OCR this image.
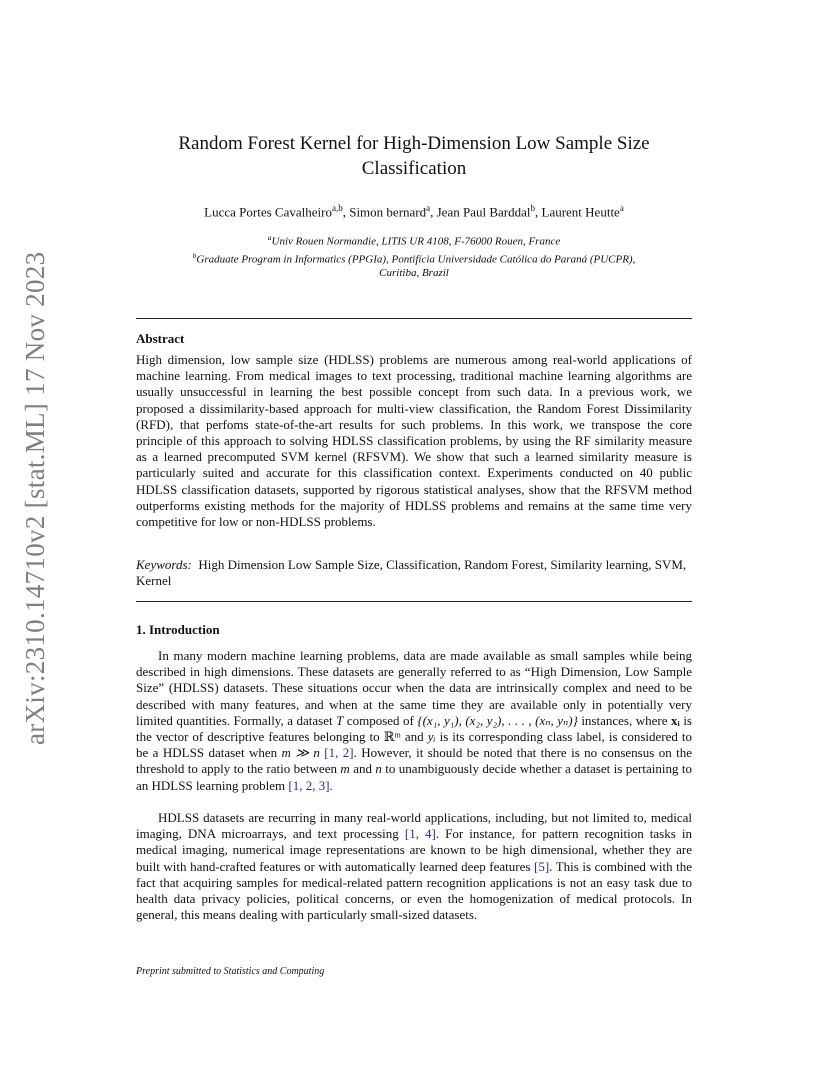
arXiv:2310.14710v2 [stat.ML] 17 Nov 2023
Random Forest Kernel for High-Dimension Low Sample Size
Classification
Lucca Portes Cavalheiro$^{a,b}$, Simon bernard$^a$, Jean Paul Barddal$^b$, Laurent Heutte$^a$
$^a$Univ Rouen Normandie, LITIS UR 4108, F-76000 Rouen, France
$^b$Graduate Program in Informatics (PPGIa), Pontifícia Universidade Católica do Paraná (PUCPR),
Curitiba, Brazil
Abstract
High dimension, low sample size (HDLSS) problems are numerous among real-world applications of machine learning. From medical images to text processing, traditional machine learning algorithms are usually unsuccessful in learning the best possible concept from such data. In a previous work, we proposed a dissimilarity-based approach for multi-view classification, the Random Forest Dissimilarity (RFD), that perfoms state-of-the-art results for such problems. In this work, we transpose the core principle of this approach to solving HDLSS classification problems, by using the RF similarity measure as a learned precomputed SVM kernel (RFSVM). We show that such a learned similarity measure is particularly suited and accurate for this classification context. Experiments conducted on 40 public HDLSS classification datasets, supported by rigorous statistical analyses, show that the RFSVM method outperforms existing methods for the majority of HDLSS problems and remains at the same time very competitive for low or non-HDLSS problems.
Keywords: High Dimension Low Sample Size, Classification, Random Forest, Similarity learning, SVM, Kernel
1. Introduction
In many modern machine learning problems, data are made available as small samples while being described in high dimensions. These datasets are generally referred to as “High Dimension, Low Sample Size” (HDLSS) datasets. These situations occur when the data are intrinsically complex and need to be described with many features, and when at the same time they are available only in potentially very limited quantities. Formally, a dataset T composed of {(x₁, y₁), (x₂, y₂), . . . , (xₙ, yₙ)} instances, where xᵢ is the vector of descriptive features belonging to ℝᵐ and yᵢ is its corresponding class label, is considered to be a HDLSS dataset when m ≫ n [1, 2]. However, it should be noted that there is no consensus on the threshold to apply to the ratio between m and n to unambiguously decide whether a dataset is pertaining to an HDLSS learning problem [1, 2, 3].
HDLSS datasets are recurring in many real-world applications, including, but not limited to, medical imaging, DNA microarrays, and text processing [1, 4]. For instance, for pattern recognition tasks in medical imaging, numerical image representations are known to be high dimensional, whether they are built with hand-crafted features or with automatically learned deep features [5]. This is combined with the fact that acquiring samples for medical-related pattern recognition applications is not an easy task due to health data privacy policies, political concerns, or even the homogenization of medical protocols. In general, this means dealing with particularly small-sized datasets.
Preprint submitted to Statistics and Computing
